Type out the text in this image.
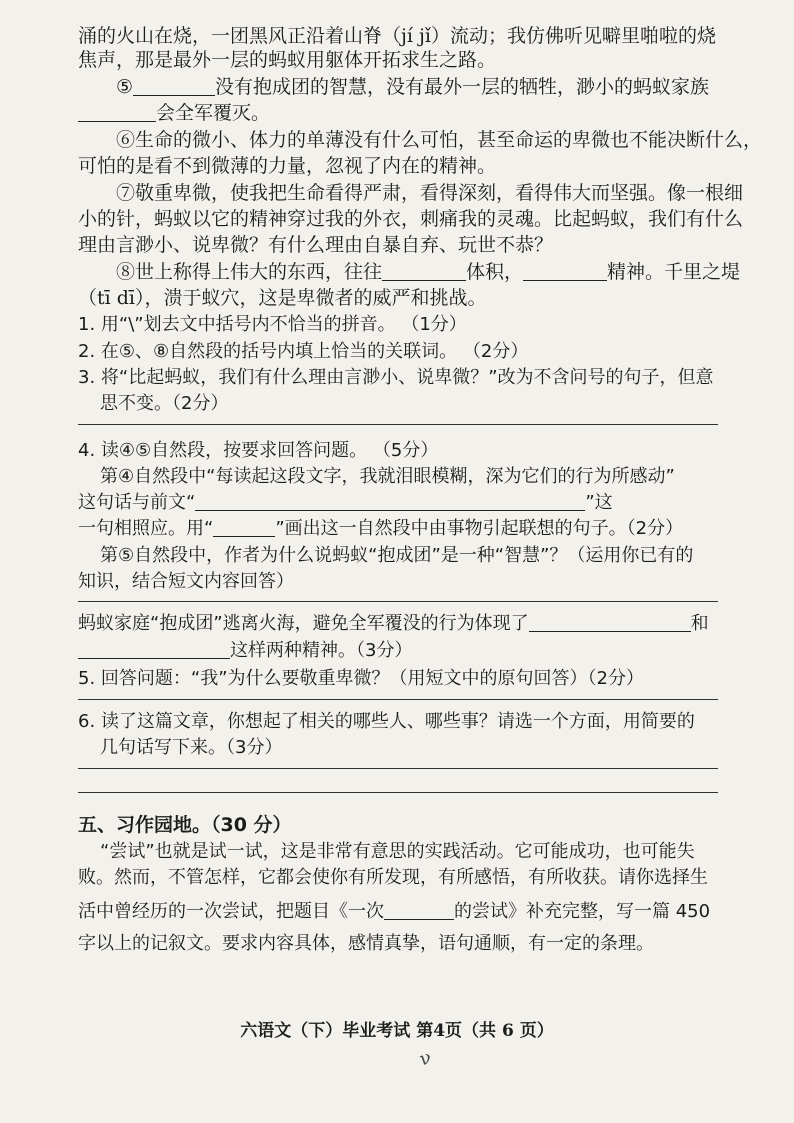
涌的火山在烧，一团黑风正沿着山脊（jí jǐ）流动；我仿佛听见噼里啪啦的烧
焦声，那是最外一层的蚂蚁用躯体开拓求生之路。
⑤	没有抱成团的智慧，没有最外一层的牺牲，渺小的蚂蚁家族
会全军覆灭。
⑥生命的微小、体力的单薄没有什么可怕，甚至命运的卑微也不能决断什么，
可怕的是看不到微薄的力量，忽视了内在的精神。
⑦敬重卑微，使我把生命看得严肃，看得深刻，看得伟大而坚强。像一根细
小的针，蚂蚁以它的精神穿过我的外衣，刺痛我的灵魂。比起蚂蚁，我们有什么
理由言渺小、说卑微？有什么理由自暴自弃、玩世不恭？
⑧世上称得上伟大的东西，往往	体积，	精神。千里之堤
（tī dī），溃于蚁穴，这是卑微者的威严和挑战。
1. 用“\”划去文中括号内不恰当的拼音。 （1分）
2. 在⑤、⑧自然段的括号内填上恰当的关联词。 （2分）
3. 将“比起蚂蚁，我们有什么理由言渺小、说卑微？”改为不含问号的句子，但意
思不变。（2分）
4. 读④⑤自然段，按要求回答问题。 （5分）
第④自然段中“每读起这段文字，我就泪眼模糊，深为它们的行为所感动”
这句话与前文“	”这
一句相照应。用“	”画出这一自然段中由事物引起联想的句子。（2分）
第⑤自然段中，作者为什么说蚂蚁“抱成团”是一种“智慧”？（运用你已有的
知识，结合短文内容回答）
蚂蚁家庭“抱成团”逃离火海，避免全军覆没的行为体现了	和
这样两种精神。（3分）
5. 回答问题：“我”为什么要敬重卑微？（用短文中的原句回答）（2分）
6. 读了这篇文章，你想起了相关的哪些人、哪些事？请选一个方面，用简要的
几句话写下来。（3分）
五、习作园地。（30 分）
“尝试”也就是试一试，这是非常有意思的实践活动。它可能成功，也可能失
败。然而，不管怎样，它都会使你有所发现，有所感悟，有所收获。请你选择生
活中曾经历的一次尝试，把题目《一次	的尝试》补充完整，写一篇 450
字以上的记叙文。要求内容具体，感情真挚，语句通顺，有一定的条理。
六语文（下）毕业考试 第4页（共 6 页）
ν
